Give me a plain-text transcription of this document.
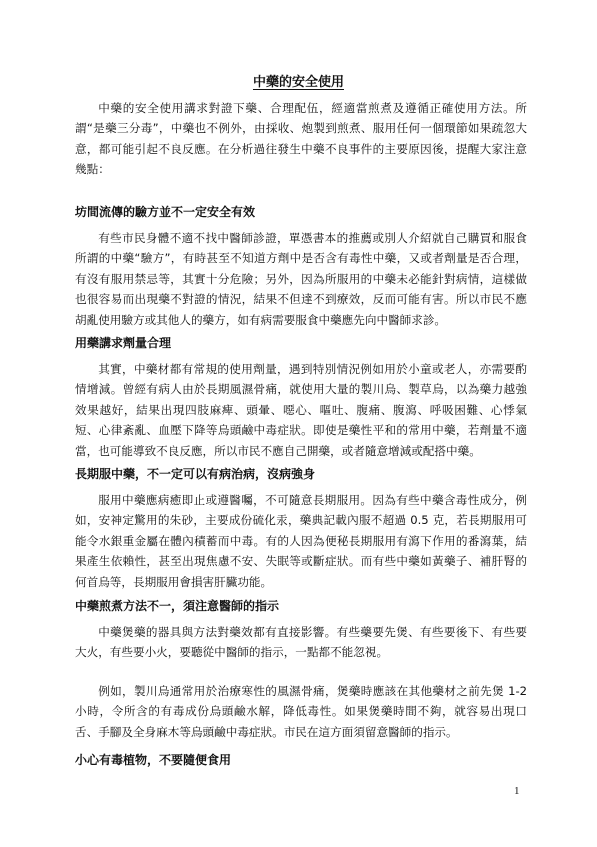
中藥的安全使用

中藥的安全使用講求對證下藥、合理配伍，經適當煎煮及遵循正確使用方法。所謂“是藥三分毒”，中藥也不例外，由採收、炮製到煎煮、服用任何一個環節如果疏忽大意，都可能引起不良反應。在分析過往發生中藥不良事件的主要原因後，提醒大家注意幾點：

坊間流傳的驗方並不一定安全有效

有些市民身體不適不找中醫師診證，單憑書本的推薦或別人介紹就自己購買和服食所謂的中藥“驗方”，有時甚至不知道方劑中是否含有毒性中藥，又或者劑量是否合理，有沒有服用禁忌等，其實十分危險；另外，因為所服用的中藥未必能針對病情，這樣做也很容易而出現藥不對證的情況，結果不但達不到療效，反而可能有害。所以市民不應胡亂使用驗方或其他人的藥方，如有病需要服食中藥應先向中醫師求診。

用藥講求劑量合理

其實，中藥材都有常規的使用劑量，遇到特別情況例如用於小童或老人，亦需要酌情增減。曾經有病人由於長期風濕骨痛，就使用大量的製川烏、製草烏，以為藥力越強效果越好，結果出現四肢麻痺、頭暈、噁心、嘔吐、腹痛、腹瀉、呼吸困難、心悸氣短、心律紊亂、血壓下降等烏頭鹼中毒症狀。即使是藥性平和的常用中藥，若劑量不適當，也可能導致不良反應，所以市民不應自己開藥，或者隨意增減或配搭中藥。

長期服中藥，不一定可以有病治病，沒病強身

服用中藥應病癒即止或遵醫囑，不可隨意長期服用。因為有些中藥含毒性成分，例如，安神定驚用的朱砂，主要成份硫化汞，藥典記載內服不超過 0.5 克，若長期服用可能令水銀重金屬在體內積蓄而中毒。有的人因為便秘長期服用有瀉下作用的番瀉葉，結果產生依賴性，甚至出現焦慮不安、失眠等或斷症狀。而有些中藥如黃藥子、補肝腎的何首烏等，長期服用會損害肝臟功能。

中藥煎煮方法不一，須注意醫師的指示

中藥煲藥的器具與方法對藥效都有直接影響。有些藥要先煲、有些要後下、有些要大火，有些要小火，要聽從中醫師的指示，一點都不能忽視。

例如，製川烏通常用於治療寒性的風濕骨痛，煲藥時應該在其他藥材之前先煲 1-2 小時，令所含的有毒成份烏頭鹼水解，降低毒性。如果煲藥時間不夠，就容易出現口舌、手腳及全身麻木等烏頭鹼中毒症狀。市民在這方面須留意醫師的指示。

小心有毒植物，不要隨便食用

1
